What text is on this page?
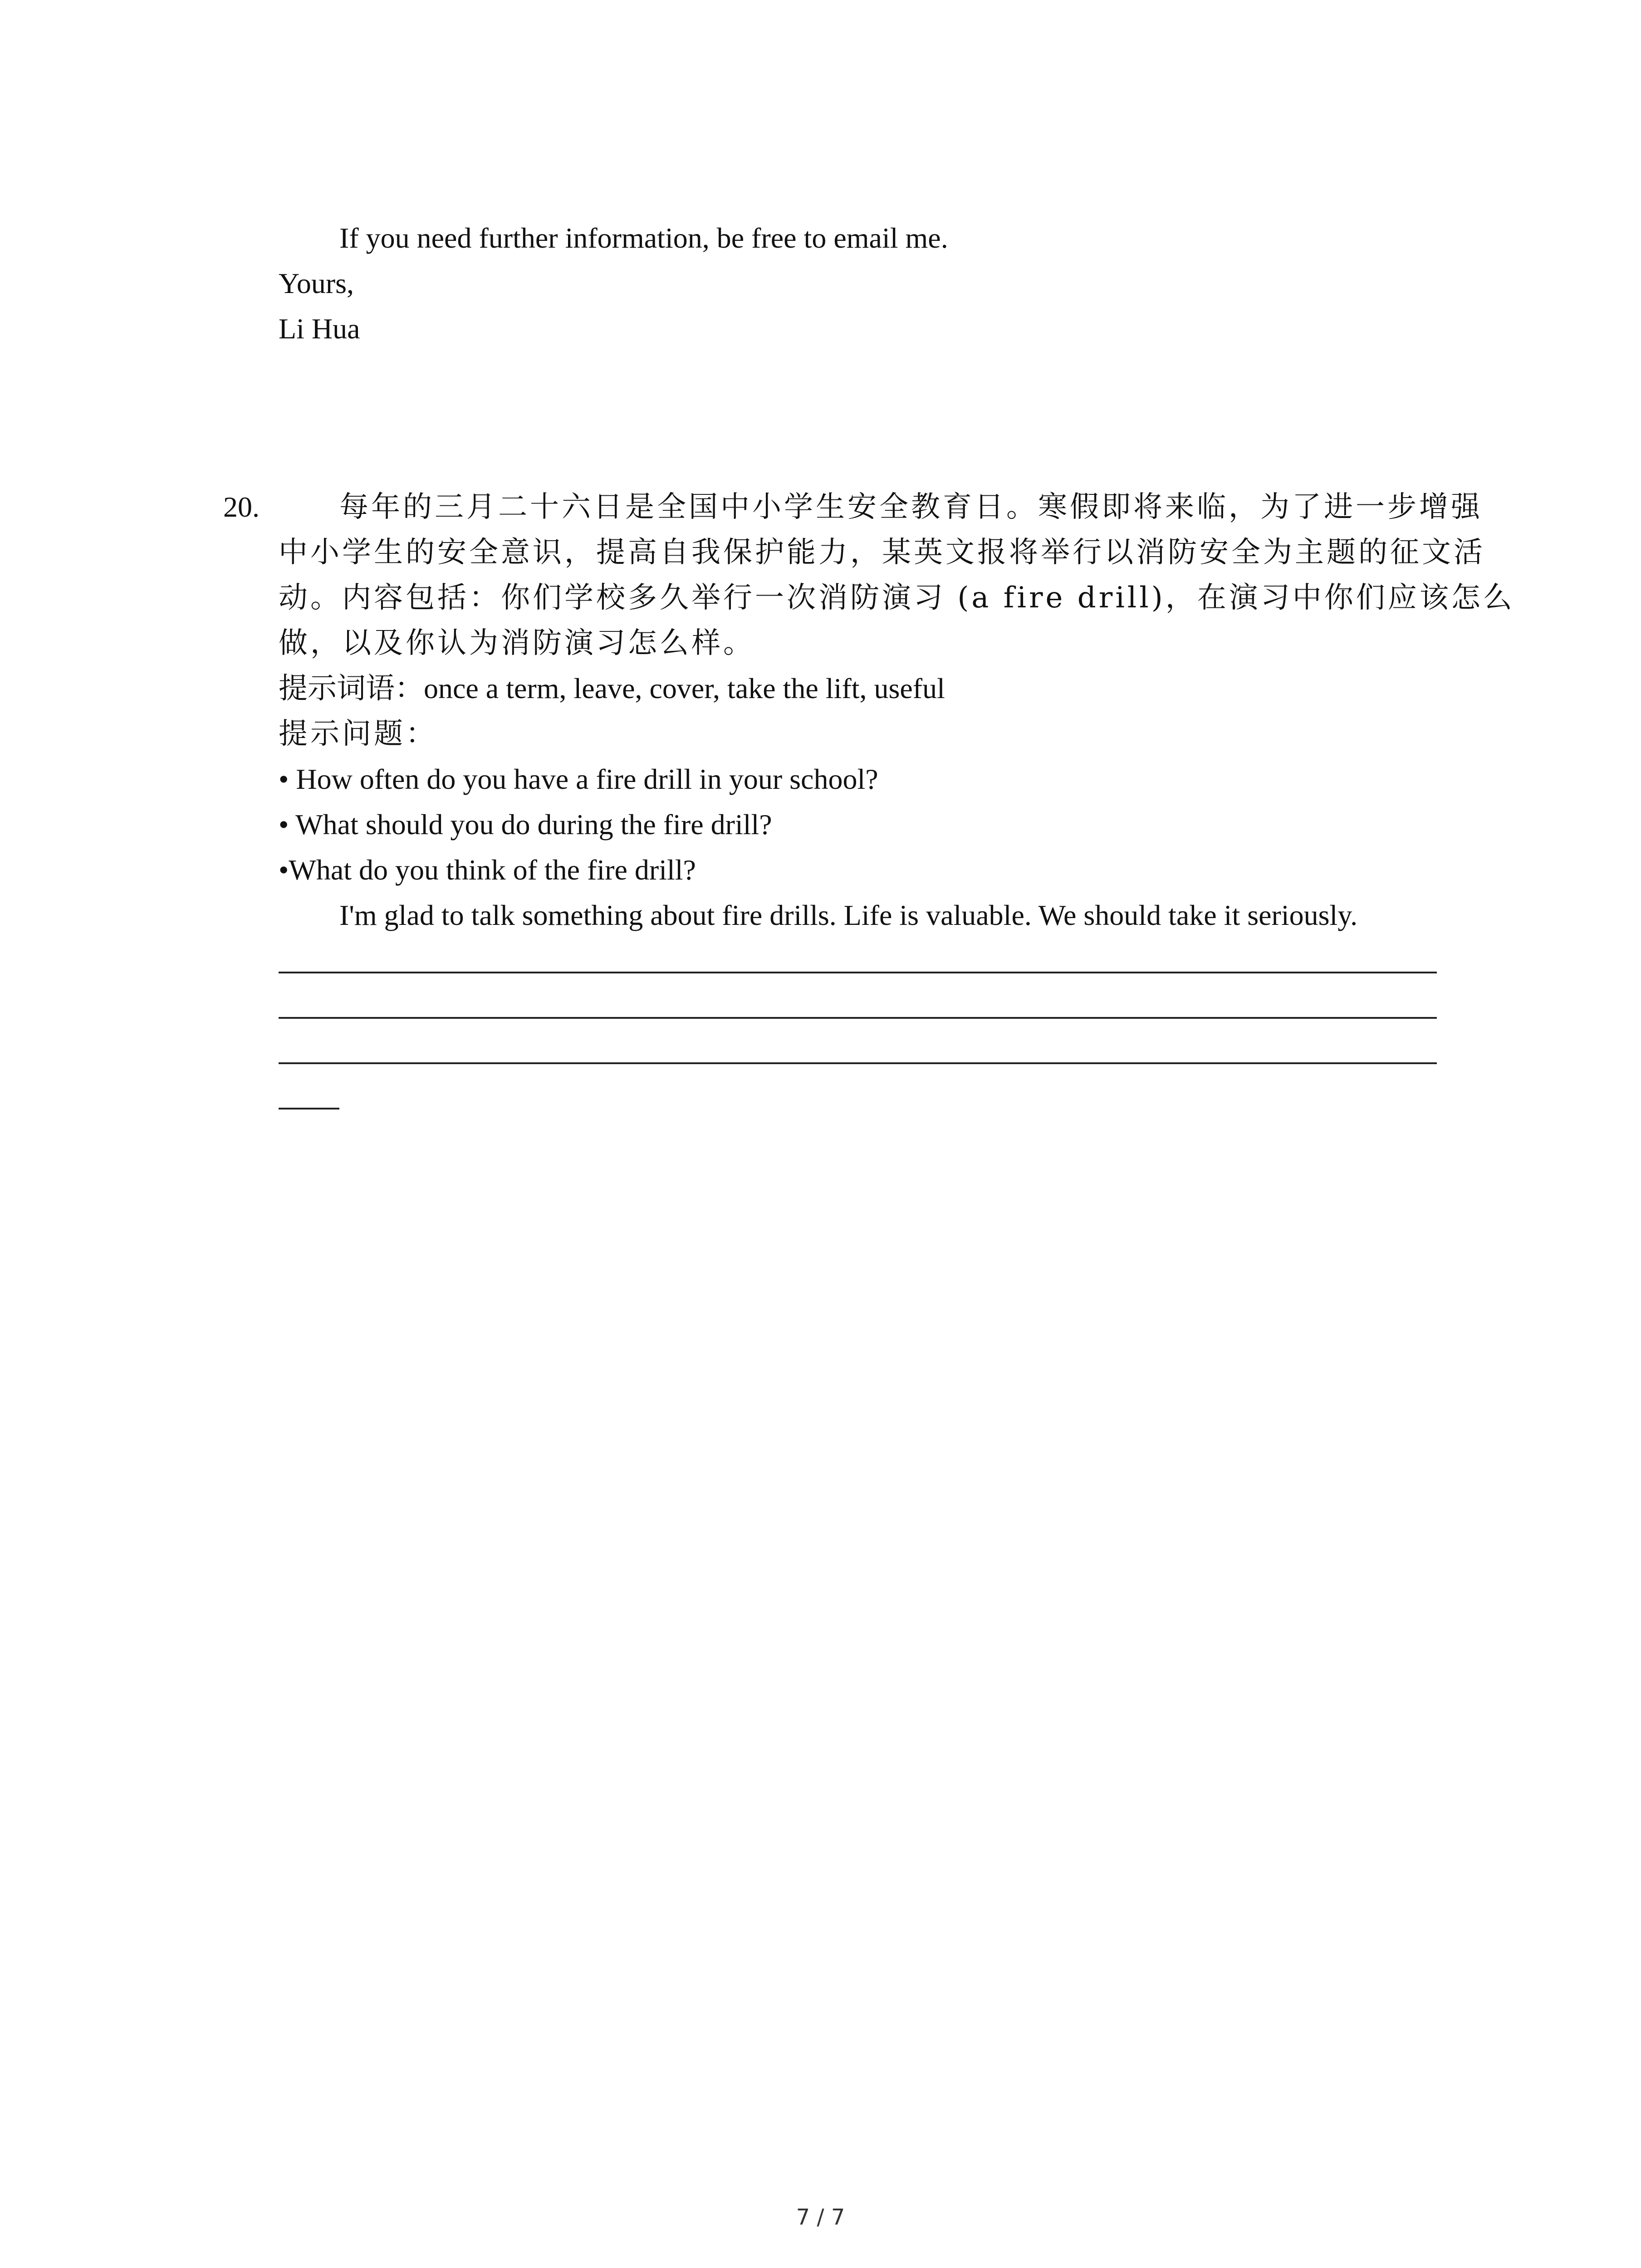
If you need further information, be free to email me.
Yours,
Li Hua
20.	每年的三月二十六日是全国中小学生安全教育日。寒假即将来临，为了进一步增强
中小学生的安全意识，提高自我保护能力，某英文报将举行以消防安全为主题的征文活
动。内容包括：你们学校多久举行一次消防演习 (a fire drill)，在演习中你们应该怎么
做，以及你认为消防演习怎么样。
提示词语：once a term, leave, cover, take the lift, useful
提示问题：
• How often do you have a fire drill in your school?
• What should you do during the fire drill?
•What do you think of the fire drill?
I'm glad to talk something about fire drills. Life is valuable. We should take it seriously.
7 / 7
